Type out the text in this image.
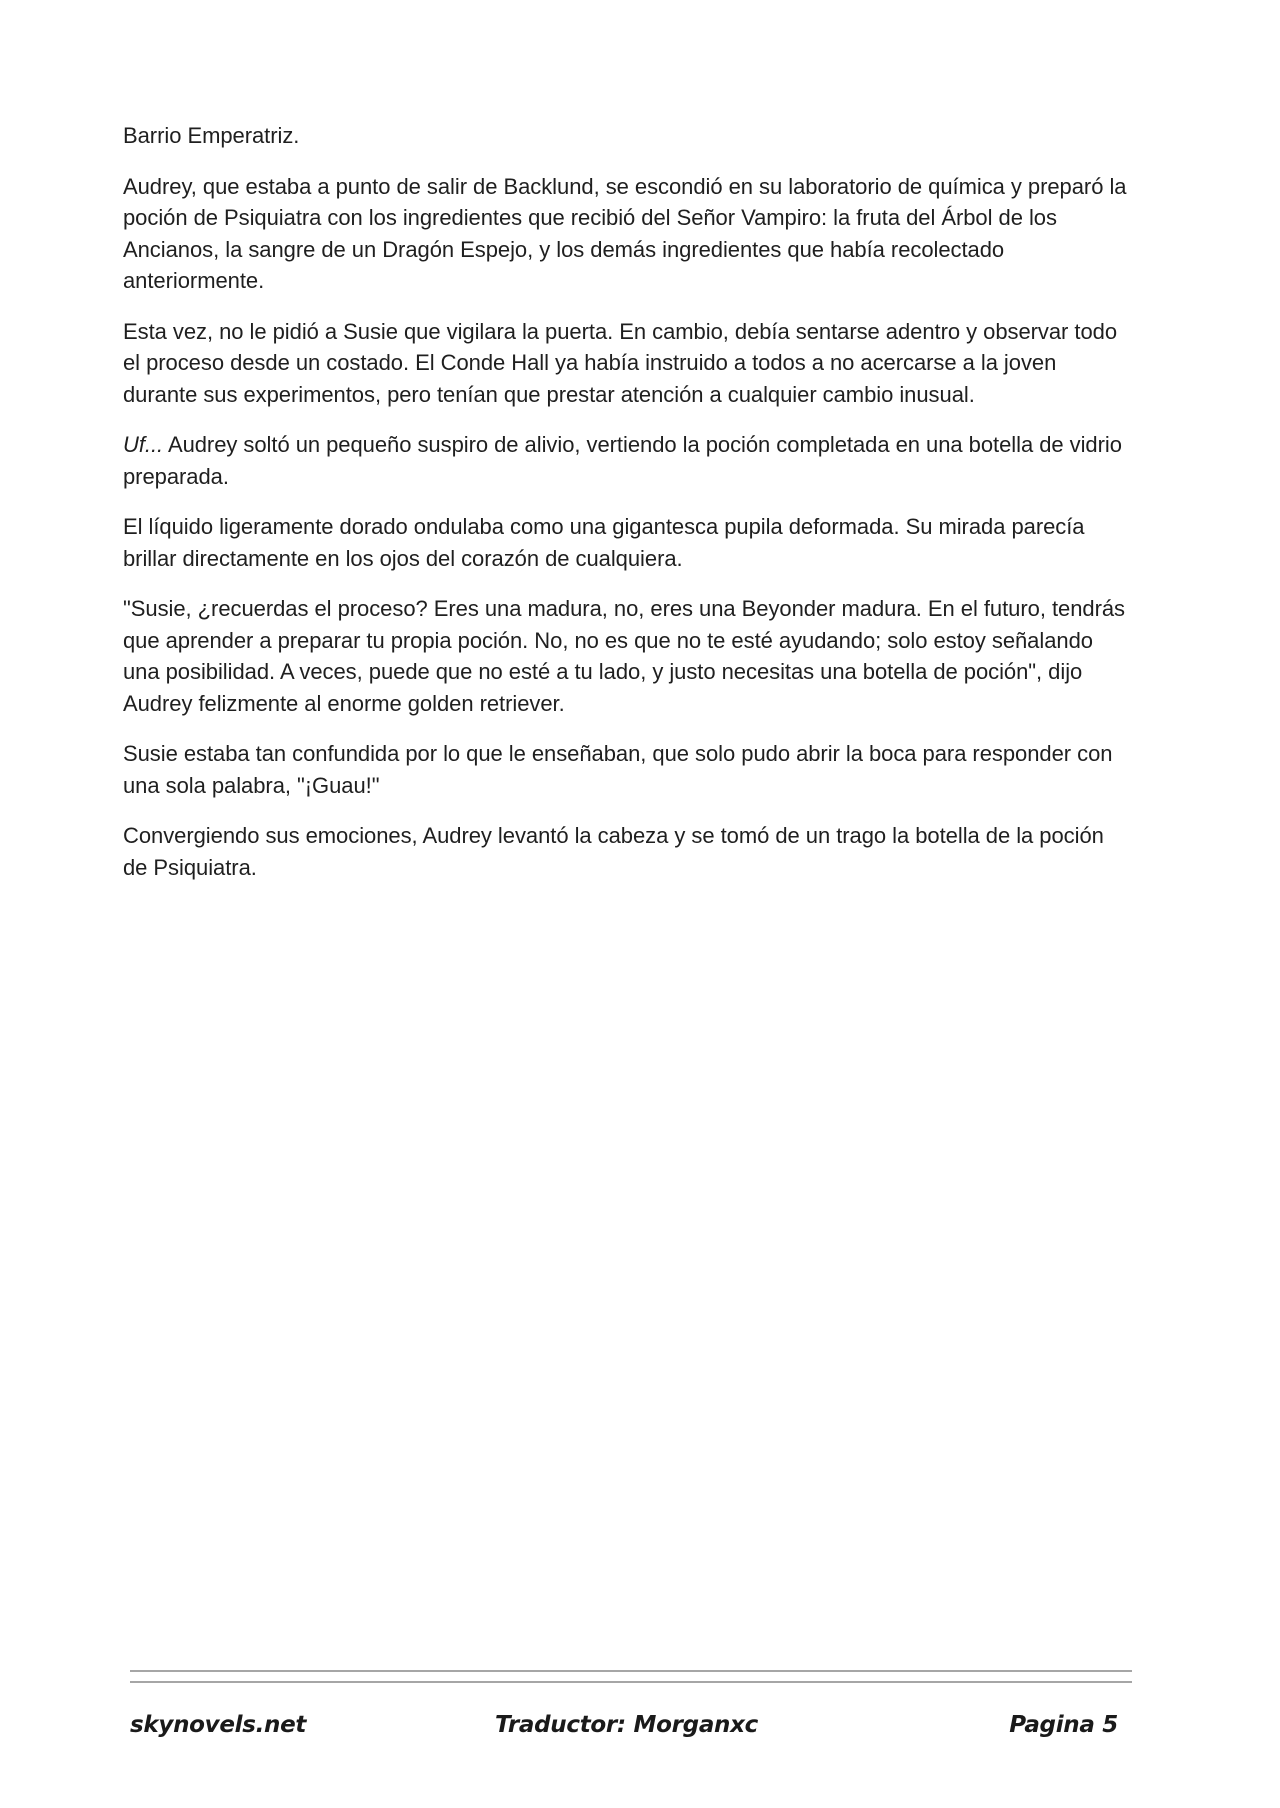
Barrio Emperatriz.

Audrey, que estaba a punto de salir de Backlund, se escondió en su laboratorio de química y preparó la poción de Psiquiatra con los ingredientes que recibió del Señor Vampiro: la fruta del Árbol de los Ancianos, la sangre de un Dragón Espejo, y los demás ingredientes que había recolectado anteriormente.

Esta vez, no le pidió a Susie que vigilara la puerta. En cambio, debía sentarse adentro y observar todo el proceso desde un costado. El Conde Hall ya había instruido a todos a no acercarse a la joven durante sus experimentos, pero tenían que prestar atención a cualquier cambio inusual.

Uf... Audrey soltó un pequeño suspiro de alivio, vertiendo la poción completada en una botella de vidrio preparada.

El líquido ligeramente dorado ondulaba como una gigantesca pupila deformada. Su mirada parecía brillar directamente en los ojos del corazón de cualquiera.

"Susie, ¿recuerdas el proceso? Eres una madura, no, eres una Beyonder madura. En el futuro, tendrás que aprender a preparar tu propia poción. No, no es que no te esté ayudando; solo estoy señalando una posibilidad. A veces, puede que no esté a tu lado, y justo necesitas una botella de poción", dijo Audrey felizmente al enorme golden retriever.

Susie estaba tan confundida por lo que le enseñaban, que solo pudo abrir la boca para responder con una sola palabra, "¡Guau!"

Convergiendo sus emociones, Audrey levantó la cabeza y se tomó de un trago la botella de la poción de Psiquiatra.

skynovels.net	Traductor: Morganxc	Pagina 5
